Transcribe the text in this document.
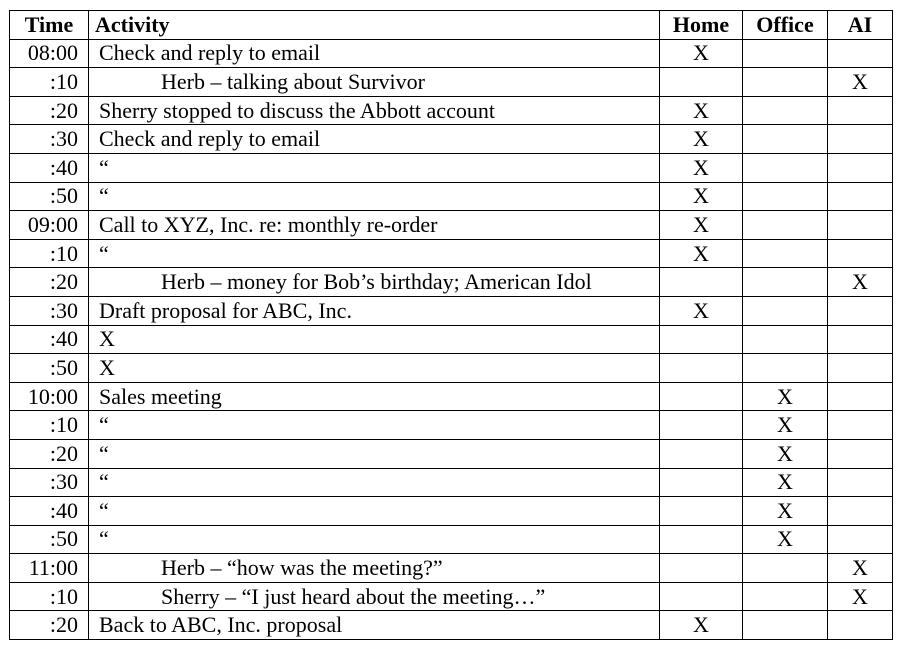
Time	Activity	Home	Office	AI
08:00	Check and reply to email	X		
:10	Herb – talking about Survivor			X
:20	Sherry stopped to discuss the Abbott account	X		
:30	Check and reply to email	X		
:40	“	X		
:50	“	X		
09:00	Call to XYZ, Inc. re: monthly re-order	X		
:10	“	X		
:20	Herb – money for Bob’s birthday; American Idol			X
:30	Draft proposal for ABC, Inc.	X		
:40	X			
:50	X			
10:00	Sales meeting		X	
:10	“		X	
:20	“		X	
:30	“		X	
:40	“		X	
:50	“		X	
11:00	Herb – “how was the meeting?”			X
:10	Sherry – “I just heard about the meeting…”			X
:20	Back to ABC, Inc. proposal	X		
